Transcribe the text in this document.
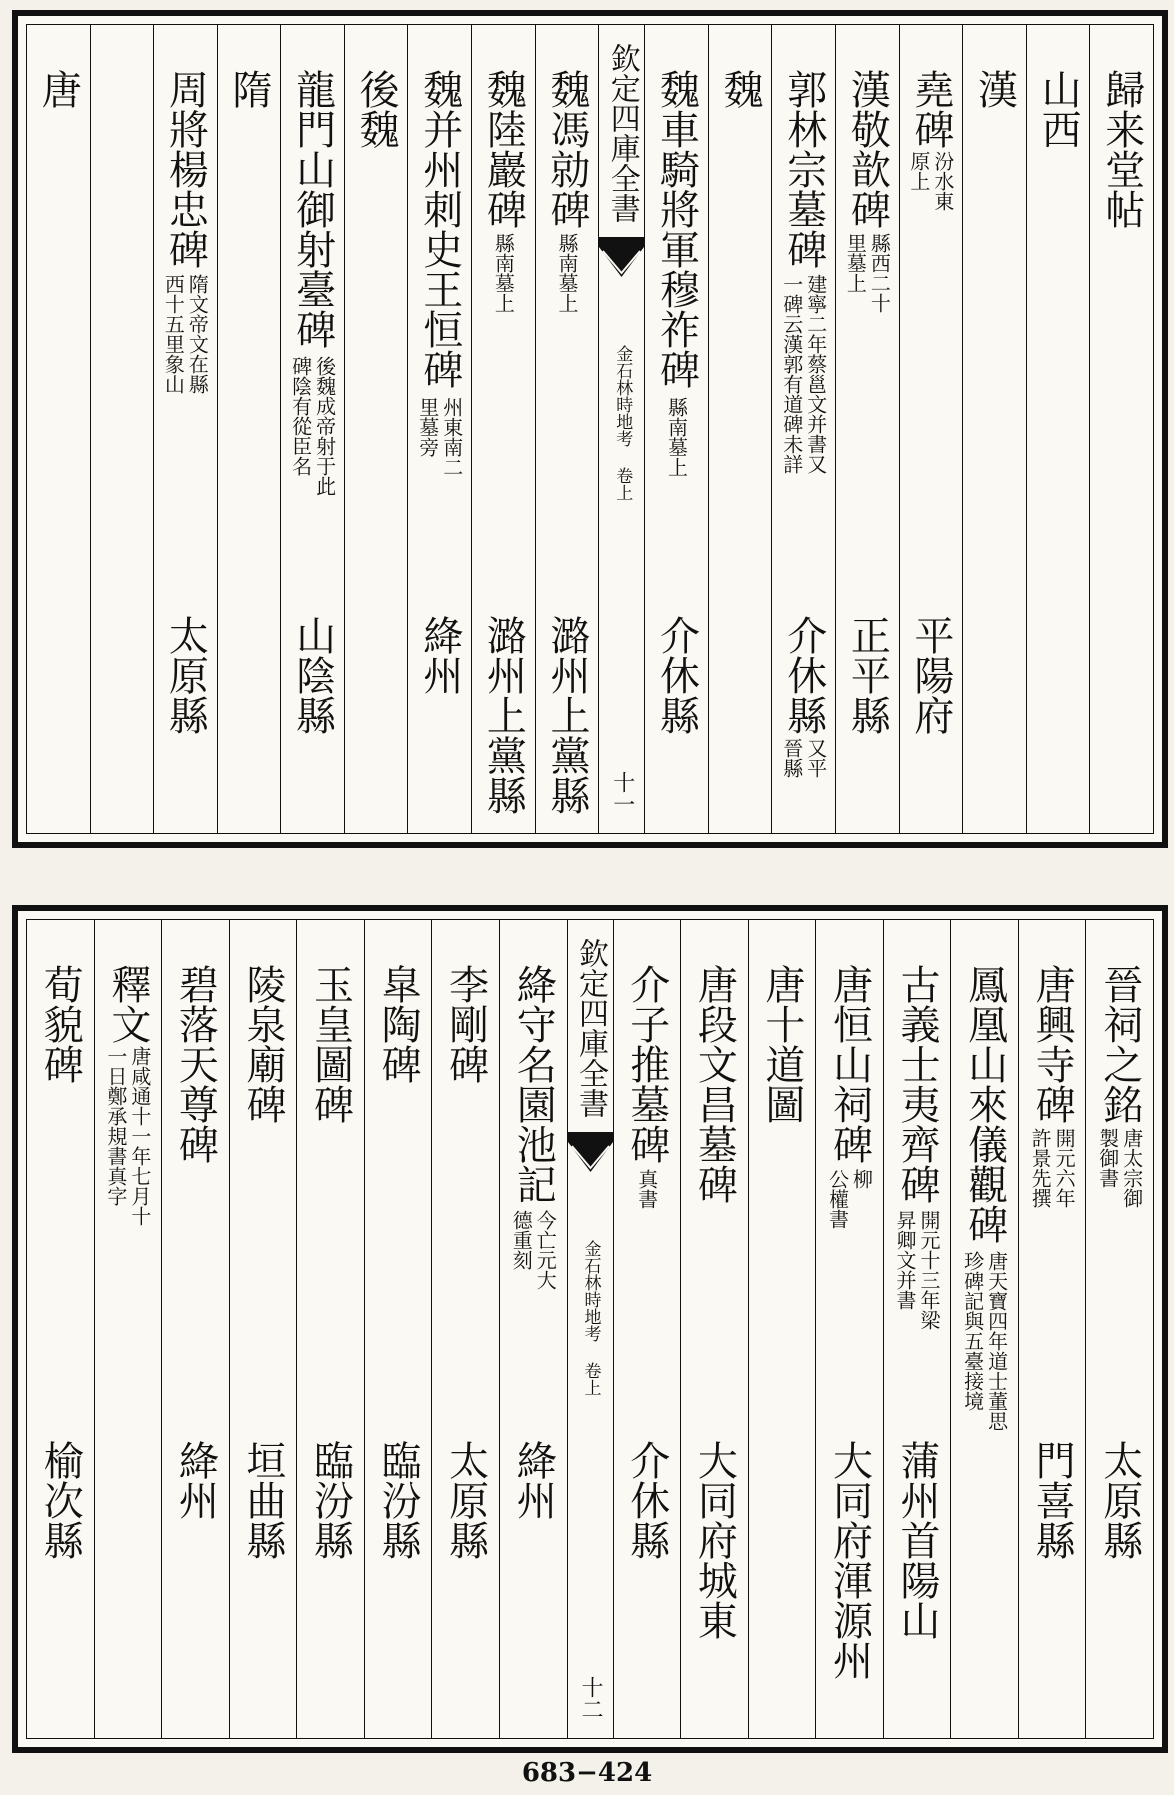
歸来堂帖
山西
漢
堯碑
汾水東
原上
平陽府
漢敬歆碑
縣西二十
里墓上
正平縣
郭林宗墓碑
建寧二年蔡邕文并書又
一碑云漢郭有道碑未詳
介休縣
又平
晉縣
魏
魏車騎將軍穆祚碑
縣南墓上
介休縣
欽定四庫全書
金石林時地考 卷上
十一
魏馮勍碑
縣南墓上
潞州上黨縣
魏陸巖碑
縣南墓上
潞州上黨縣
魏并州刺史王恒碑
州東南二
里墓旁
絳州
後魏
龍門山御射臺碑
後魏成帝射于此
碑陰有從臣名
山陰縣
隋
周將楊忠碑
隋文帝文在縣
西十五里象山
太原縣
唐
晉祠之銘
唐太宗御
製御書
太原縣
唐興寺碑
開元六年
許景先撰
門喜縣
鳳凰山來儀觀碑
唐天寶四年道士董思
珍碑記與五臺接境
古義士夷齊碑
開元十三年梁
昇卿文并書
蒲州首陽山
唐恒山祠碑
柳
公權書
大同府渾源州
唐十道圖
唐段文昌墓碑
大同府城東
介子推墓碑
真書
介休縣
欽定四庫全書
金石林時地考 卷上
十二
絳守名園池記
今亡元大
德重刻
絳州
李剛碑
太原縣
皐陶碑
臨汾縣
玉皇圖碑
臨汾縣
陵泉廟碑
垣曲縣
碧落天尊碑
絳州
釋文
唐咸通十一年七月十
一日鄭承規書真字
荀貌碑
榆次縣
683−424
